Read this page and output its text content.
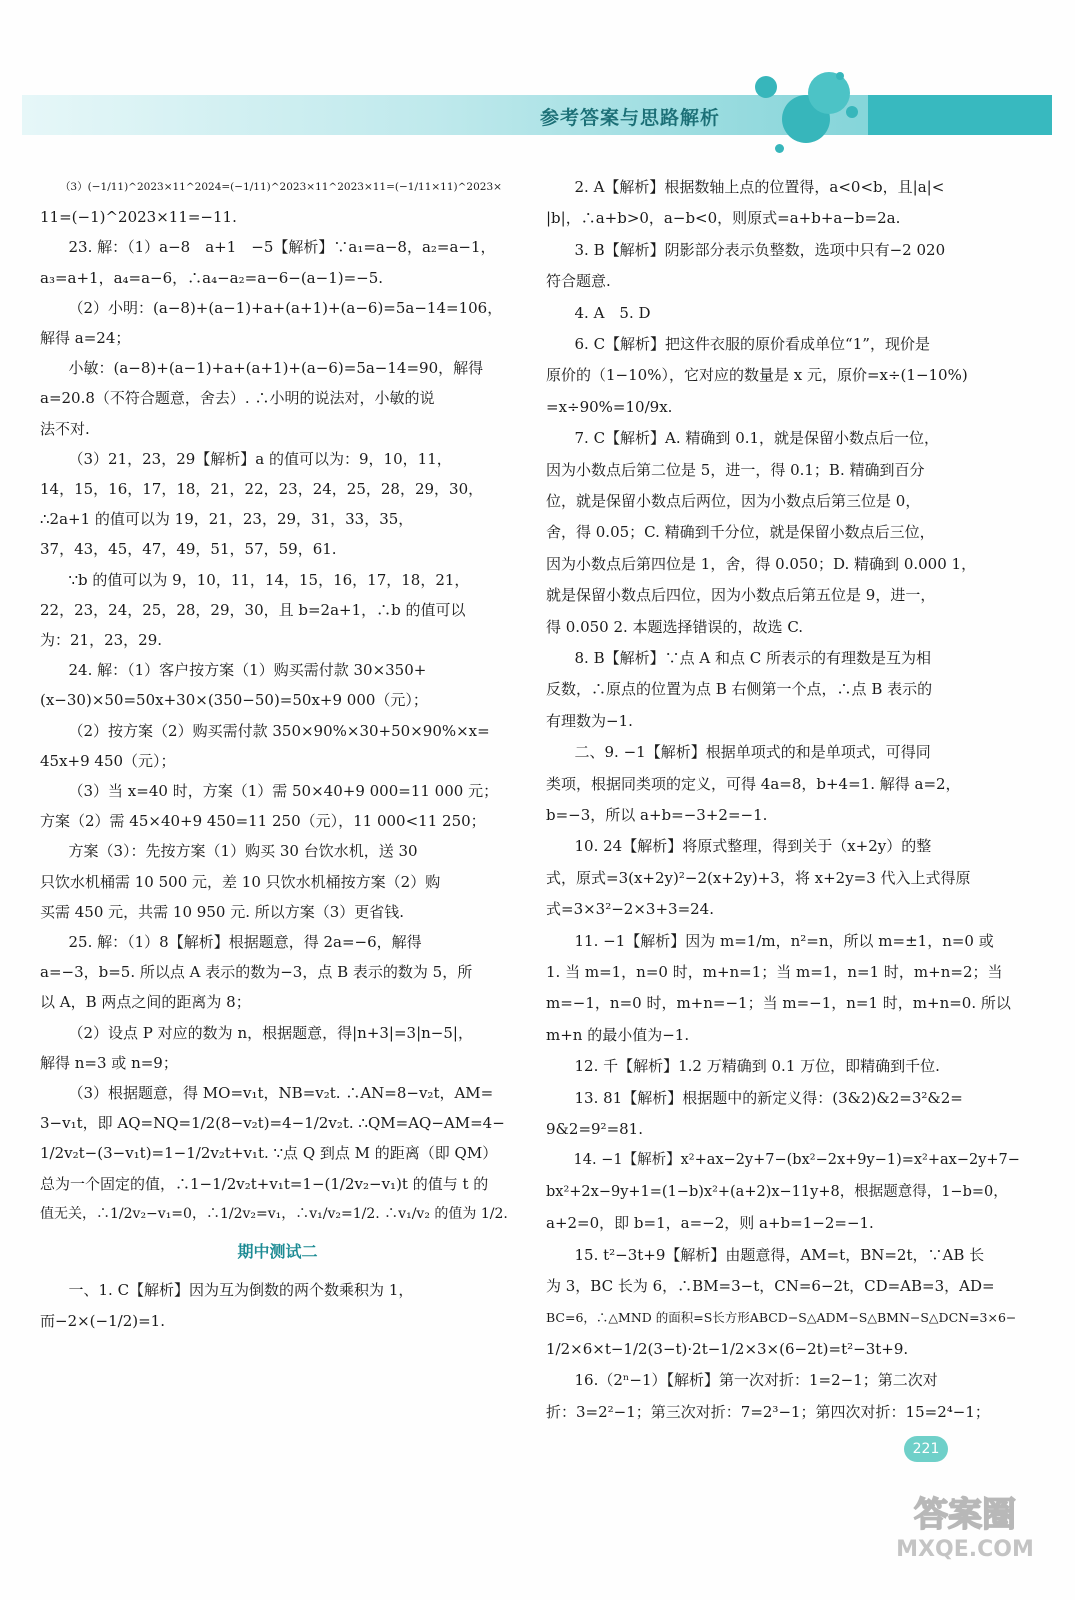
参考答案与思路解析
（3）(−1/11)^2023×11^2024=(−1/11)^2023×11^2023×11=(−1/11×11)^2023×
11=(−1)^2023×11=−11.
23. 解：（1）a−8　a+1　−5【解析】∵a₁=a−8，a₂=a−1，
a₃=a+1，a₄=a−6，∴a₄−a₂=a−6−(a−1)=−5.
（2）小明：(a−8)+(a−1)+a+(a+1)+(a−6)=5a−14=106，
解得 a=24；
小敏：(a−8)+(a−1)+a+(a+1)+(a−6)=5a−14=90，解得
a=20.8（不符合题意，舍去）. ∴小明的说法对，小敏的说
法不对.
（3）21，23，29【解析】a 的值可以为：9，10，11，
14，15，16，17，18，21，22，23，24，25，28，29，30，
∴2a+1 的值可以为 19，21，23，29，31，33，35，
37，43，45，47，49，51，57，59，61.
∵b 的值可以为 9，10，11，14，15，16，17，18，21，
22，23，24，25，28，29，30，且 b=2a+1，∴b 的值可以
为：21，23，29.
24. 解：（1）客户按方案（1）购买需付款 30×350+
(x−30)×50=50x+30×(350−50)=50x+9 000（元）；
（2）按方案（2）购买需付款 350×90%×30+50×90%×x=
45x+9 450（元）；
（3）当 x=40 时，方案（1）需 50×40+9 000=11 000 元；
方案（2）需 45×40+9 450=11 250（元），11 000<11 250；
方案（3）：先按方案（1）购买 30 台饮水机，送 30
只饮水机桶需 10 500 元，差 10 只饮水机桶按方案（2）购
买需 450 元，共需 10 950 元. 所以方案（3）更省钱.
25. 解：（1）8【解析】根据题意，得 2a=−6，解得
a=−3，b=5. 所以点 A 表示的数为−3，点 B 表示的数为 5，所
以 A，B 两点之间的距离为 8；
（2）设点 P 对应的数为 n，根据题意，得|n+3|=3|n−5|，
解得 n=3 或 n=9；
（3）根据题意，得 MO=v₁t，NB=v₂t. ∴AN=8−v₂t，AM=
3−v₁t，即 AQ=NQ=1/2(8−v₂t)=4−1/2v₂t. ∴QM=AQ−AM=4−
1/2v₂t−(3−v₁t)=1−1/2v₂t+v₁t. ∵点 Q 到点 M 的距离（即 QM）
总为一个固定的值，∴1−1/2v₂t+v₁t=1−(1/2v₂−v₁)t 的值与 t 的
值无关，∴1/2v₂−v₁=0，∴1/2v₂=v₁，∴v₁/v₂=1/2. ∴v₁/v₂ 的值为 1/2.
期中测试二
一、1. C【解析】因为互为倒数的两个数乘积为 1，
而−2×(−1/2)=1.
2. A【解析】根据数轴上点的位置得，a<0<b，且|a|<
|b|，∴a+b>0，a−b<0，则原式=a+b+a−b=2a.
3. B【解析】阴影部分表示负整数，选项中只有−2 020
符合题意.
4. A　5. D
6. C【解析】把这件衣服的原价看成单位“1”，现价是
原价的（1−10%），它对应的数量是 x 元，原价=x÷(1−10%)
=x÷90%=10/9x.
7. C【解析】A. 精确到 0.1，就是保留小数点后一位，
因为小数点后第二位是 5，进一，得 0.1；B. 精确到百分
位，就是保留小数点后两位，因为小数点后第三位是 0，
舍，得 0.05；C. 精确到千分位，就是保留小数点后三位，
因为小数点后第四位是 1，舍，得 0.050；D. 精确到 0.000 1，
就是保留小数点后四位，因为小数点后第五位是 9，进一，
得 0.050 2. 本题选择错误的，故选 C.
8. B【解析】∵点 A 和点 C 所表示的有理数是互为相
反数，∴原点的位置为点 B 右侧第一个点，∴点 B 表示的
有理数为−1.
二、9. −1【解析】根据单项式的和是单项式，可得同
类项，根据同类项的定义，可得 4a=8，b+4=1. 解得 a=2，
b=−3，所以 a+b=−3+2=−1.
10. 24【解析】将原式整理，得到关于（x+2y）的整
式，原式=3(x+2y)²−2(x+2y)+3，将 x+2y=3 代入上式得原
式=3×3²−2×3+3=24.
11. −1【解析】因为 m=1/m，n²=n，所以 m=±1，n=0 或
1. 当 m=1，n=0 时，m+n=1；当 m=1，n=1 时，m+n=2；当
m=−1，n=0 时，m+n=−1；当 m=−1，n=1 时，m+n=0. 所以
m+n 的最小值为−1.
12. 千【解析】1.2 万精确到 0.1 万位，即精确到千位.
13. 81【解析】根据题中的新定义得：(3&2)&2=3²&2=
9&2=9²=81.
14. −1【解析】x²+ax−2y+7−(bx²−2x+9y−1)=x²+ax−2y+7−
bx²+2x−9y+1=(1−b)x²+(a+2)x−11y+8，根据题意得，1−b=0，
a+2=0，即 b=1，a=−2，则 a+b=1−2=−1.
15. t²−3t+9【解析】由题意得，AM=t，BN=2t，∵AB 长
为 3，BC 长为 6，∴BM=3−t，CN=6−2t，CD=AB=3，AD=
BC=6，∴△MND 的面积=S长方形ABCD−S△ADM−S△BMN−S△DCN=3×6−
1/2×6×t−1/2(3−t)·2t−1/2×3×(6−2t)=t²−3t+9.
16.（2ⁿ−1）【解析】第一次对折：1=2−1；第二次对
折：3=2²−1；第三次对折：7=2³−1；第四次对折：15=2⁴−1；
221
答案圈
MXQE.COM
